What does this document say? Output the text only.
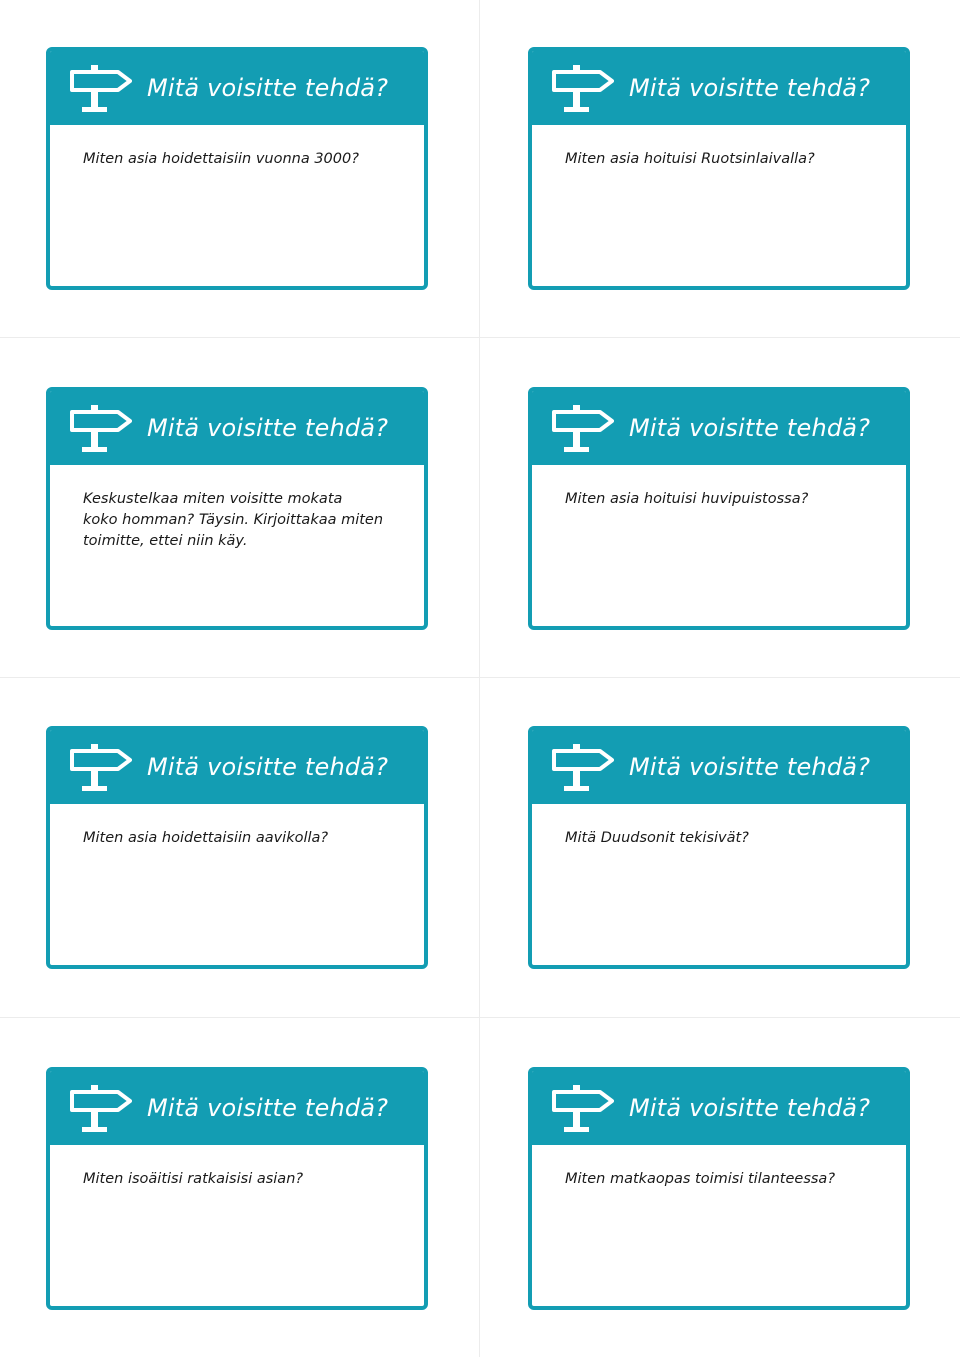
Mitä voisitte tehdä?
Miten asia hoidettaisiin vuonna 3000?
Mitä voisitte tehdä?
Miten asia hoituisi Ruotsinlaivalla?
Mitä voisitte tehdä?
Keskustelkaa miten voisitte mokata
koko homman? Täysin. Kirjoittakaa miten
toimitte, ettei niin käy.
Mitä voisitte tehdä?
Miten asia hoituisi huvipuistossa?
Mitä voisitte tehdä?
Miten asia hoidettaisiin aavikolla?
Mitä voisitte tehdä?
Mitä Duudsonit tekisivät?
Mitä voisitte tehdä?
Miten isoäitisi ratkaisisi asian?
Mitä voisitte tehdä?
Miten matkaopas toimisi tilanteessa?
